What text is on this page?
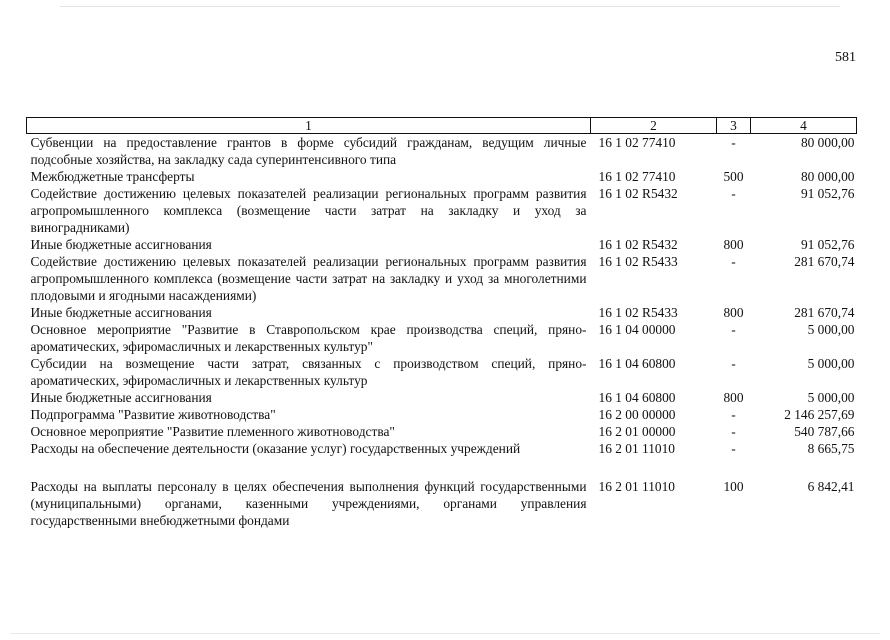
581
1	2	3	4
Субвенции на предоставление грантов в форме субсидий гражданам, ведущим личные подсобные хозяйства, на закладку сада суперинтенсивного типа	16 1 02 77410	-	80 000,00
Межбюджетные трансферты	16 1 02 77410	500	80 000,00
Содействие достижению целевых показателей реализации региональных программ развития агропромышленного комплекса (возмещение части затрат на закладку и уход за виноградниками)	16 1 02 R5432	-	91 052,76
Иные бюджетные ассигнования	16 1 02 R5432	800	91 052,76
Содействие достижению целевых показателей реализации региональных программ развития агропромышленного комплекса (возмещение части затрат на закладку и уход за многолетними плодовыми и ягодными насаждениями)	16 1 02 R5433	-	281 670,74
Иные бюджетные ассигнования	16 1 02 R5433	800	281 670,74
Основное мероприятие "Развитие в Ставропольском крае производства специй, пряно-ароматических, эфиромасличных и лекарственных культур"	16 1 04 00000	-	5 000,00
Субсидии на возмещение части затрат, связанных с производством специй, пряно-ароматических, эфиромасличных и лекарственных культур	16 1 04 60800	-	5 000,00
Иные бюджетные ассигнования	16 1 04 60800	800	5 000,00
Подпрограмма "Развитие животноводства"	16 2 00 00000	-	2 146 257,69
Основное мероприятие "Развитие племенного животноводства"	16 2 01 00000	-	540 787,66
Расходы на обеспечение деятельности (оказание услуг) государственных учреждений	16 2 01 11010	-	8 665,75
Расходы на выплаты персоналу в целях обеспечения выполнения функций государственными (муниципальными) органами, казенными учреждениями, органами управления государственными внебюджетными фондами	16 2 01 11010	100	6 842,41
